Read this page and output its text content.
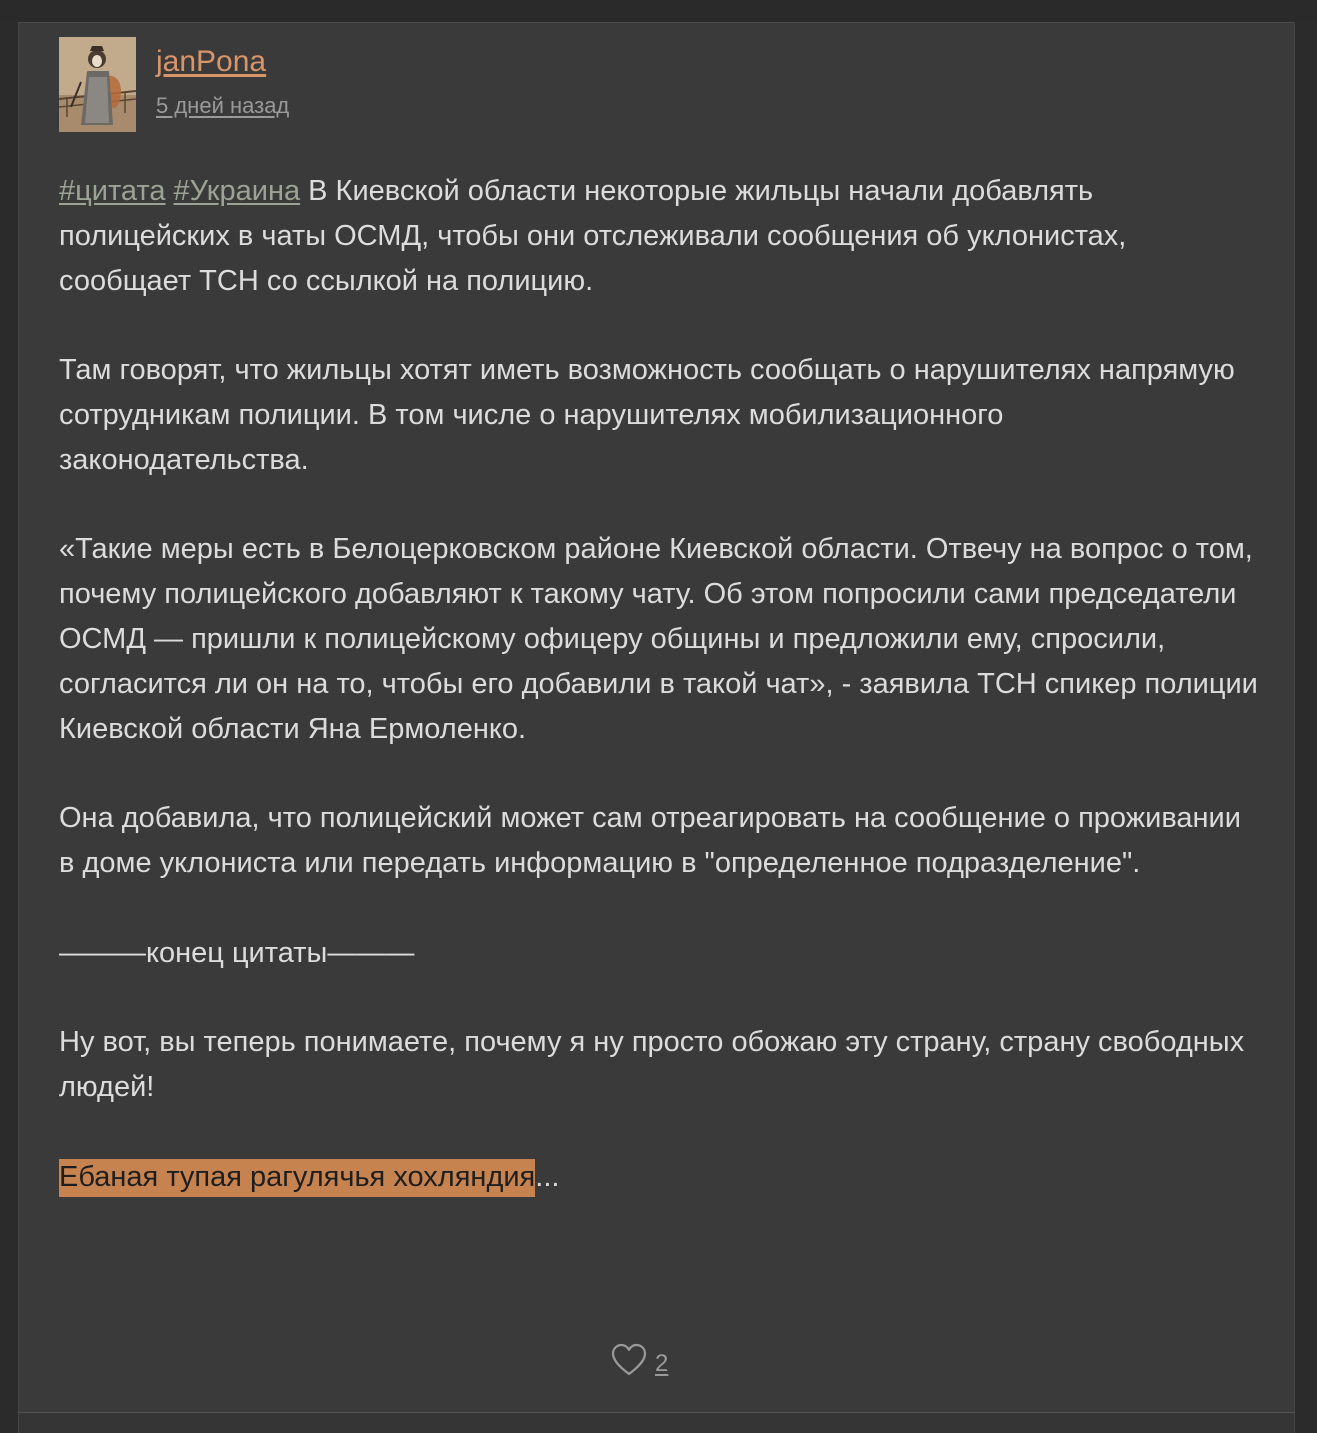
janPona
5 дней назад

#цитата #Украина В Киевской области некоторые жильцы начали добавлять полицейских в чаты ОСМД, чтобы они отслеживали сообщения об уклонистах, сообщает ТСН со ссылкой на полицию.

Там говорят, что жильцы хотят иметь возможность сообщать о нарушителях напрямую сотрудникам полиции. В том числе о нарушителях мобилизационного законодательства.

«Такие меры есть в Белоцерковском районе Киевской области. Отвечу на вопрос о том, почему полицейского добавляют к такому чату. Об этом попросили сами председатели ОСМД — пришли к полицейскому офицеру общины и предложили ему, спросили, согласится ли он на то, чтобы его добавили в такой чат», - заявила ТСН спикер полиции Киевской области Яна Ермоленко.

Она добавила, что полицейский может сам отреагировать на сообщение о проживании в доме уклониста или передать информацию в "определенное подразделение".

———конец цитаты———

Ну вот, вы теперь понимаете, почему я ну просто обожаю эту страну, страну свободных людей!

Ебаная тупая рагулячья хохляндия...

2
